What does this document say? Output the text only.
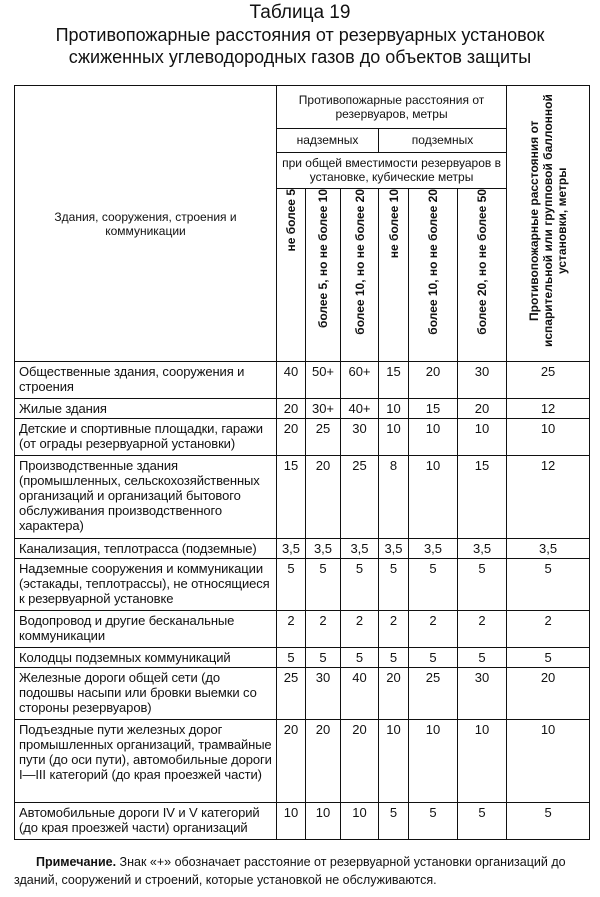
Таблица 19
Противопожарные расстояния от резервуарных установок сжиженных углеводородных газов до объектов защиты
Здания, сооружения, строения и коммуникации	Противопожарные расстояния от резервуаров, метры						Противопожарные расстояния от испарительной или групповой баллонной установки, метры
	надземных			подземных			
	при общей вместимости резервуаров в установке, кубические метры						
	не более 5	более 5, но не более 10	более 10, но не более 20	не более 10	более 10, но не более 20	более 20, но не более 50	
Общественные здания, сооружения и строения	40	50+	60+	15	20	30	25
Жилые здания	20	30+	40+	10	15	20	12
Детские и спортивные площадки, гаражи (от ограды резервуарной установки)	20	25	30	10	10	10	10
Производственные здания (промышленных, сельскохозяйственных организаций и организаций бытового обслуживания производственного характера)	15	20	25	8	10	15	12
Канализация, теплотрасса (подземные)	3,5	3,5	3,5	3,5	3,5	3,5	3,5
Надземные сооружения и коммуникации (эстакады, теплотрассы), не относящиеся к резервуарной установке	5	5	5	5	5	5	5
Водопровод и другие бесканальные коммуникации	2	2	2	2	2	2	2
Колодцы подземных коммуникаций	5	5	5	5	5	5	5
Железные дороги общей сети (до подошвы насыпи или бровки выемки со стороны резервуаров)	25	30	40	20	25	30	20
Подъездные пути железных дорог промышленных организаций, трамвайные пути (до оси пути), автомобильные дороги I—III категорий (до края проезжей части)	20	20	20	10	10	10	10
Автомобильные дороги IV и V категорий (до края проезжей части) организаций	10	10	10	5	5	5	5
Примечание. Знак «+» обозначает расстояние от резервуарной установки организаций до зданий, сооружений и строений, которые установкой не обслуживаются.
